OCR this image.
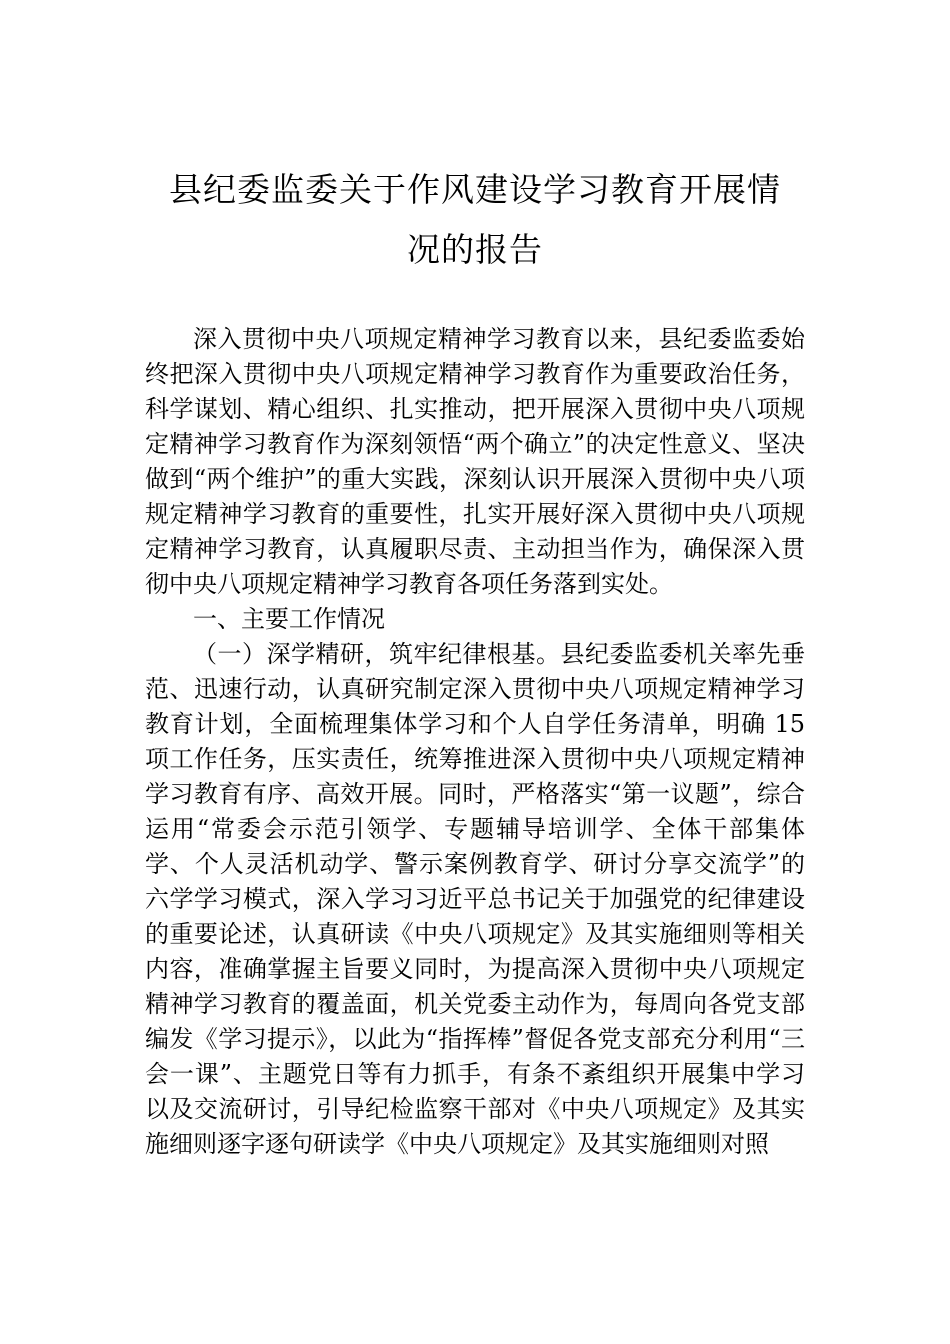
县纪委监委关于作风建设学习教育开展情
况的报告

深入贯彻中央八项规定精神学习教育以来，县纪委监委始终把深入贯彻中央八项规定精神学习教育作为重要政治任务，科学谋划、精心组织、扎实推动，把开展深入贯彻中央八项规定精神学习教育作为深刻领悟“两个确立”的决定性意义、坚决做到“两个维护”的重大实践，深刻认识开展深入贯彻中央八项规定精神学习教育的重要性，扎实开展好深入贯彻中央八项规定精神学习教育，认真履职尽责、主动担当作为，确保深入贯彻中央八项规定精神学习教育各项任务落到实处。

一、主要工作情况

（一）深学精研，筑牢纪律根基。县纪委监委机关率先垂范、迅速行动，认真研究制定深入贯彻中央八项规定精神学习教育计划，全面梳理集体学习和个人自学任务清单，明确 15 项工作任务，压实责任，统筹推进深入贯彻中央八项规定精神学习教育有序、高效开展。同时，严格落实“第一议题”，综合运用“常委会示范引领学、专题辅导培训学、全体干部集体学、个人灵活机动学、警示案例教育学、研讨分享交流学”的六学学习模式，深入学习习近平总书记关于加强党的纪律建设的重要论述，认真研读《中央八项规定》及其实施细则等相关内容，准确掌握主旨要义同时，为提高深入贯彻中央八项规定精神学习教育的覆盖面，机关党委主动作为，每周向各党支部编发《学习提示》，以此为“指挥棒”督促各党支部充分利用“三会一课”、主题党日等有力抓手，有条不紊组织开展集中学习以及交流研讨，引导纪检监察干部对《中央八项规定》及其实施细则逐字逐句研读学《中央八项规定》及其实施细则对照
